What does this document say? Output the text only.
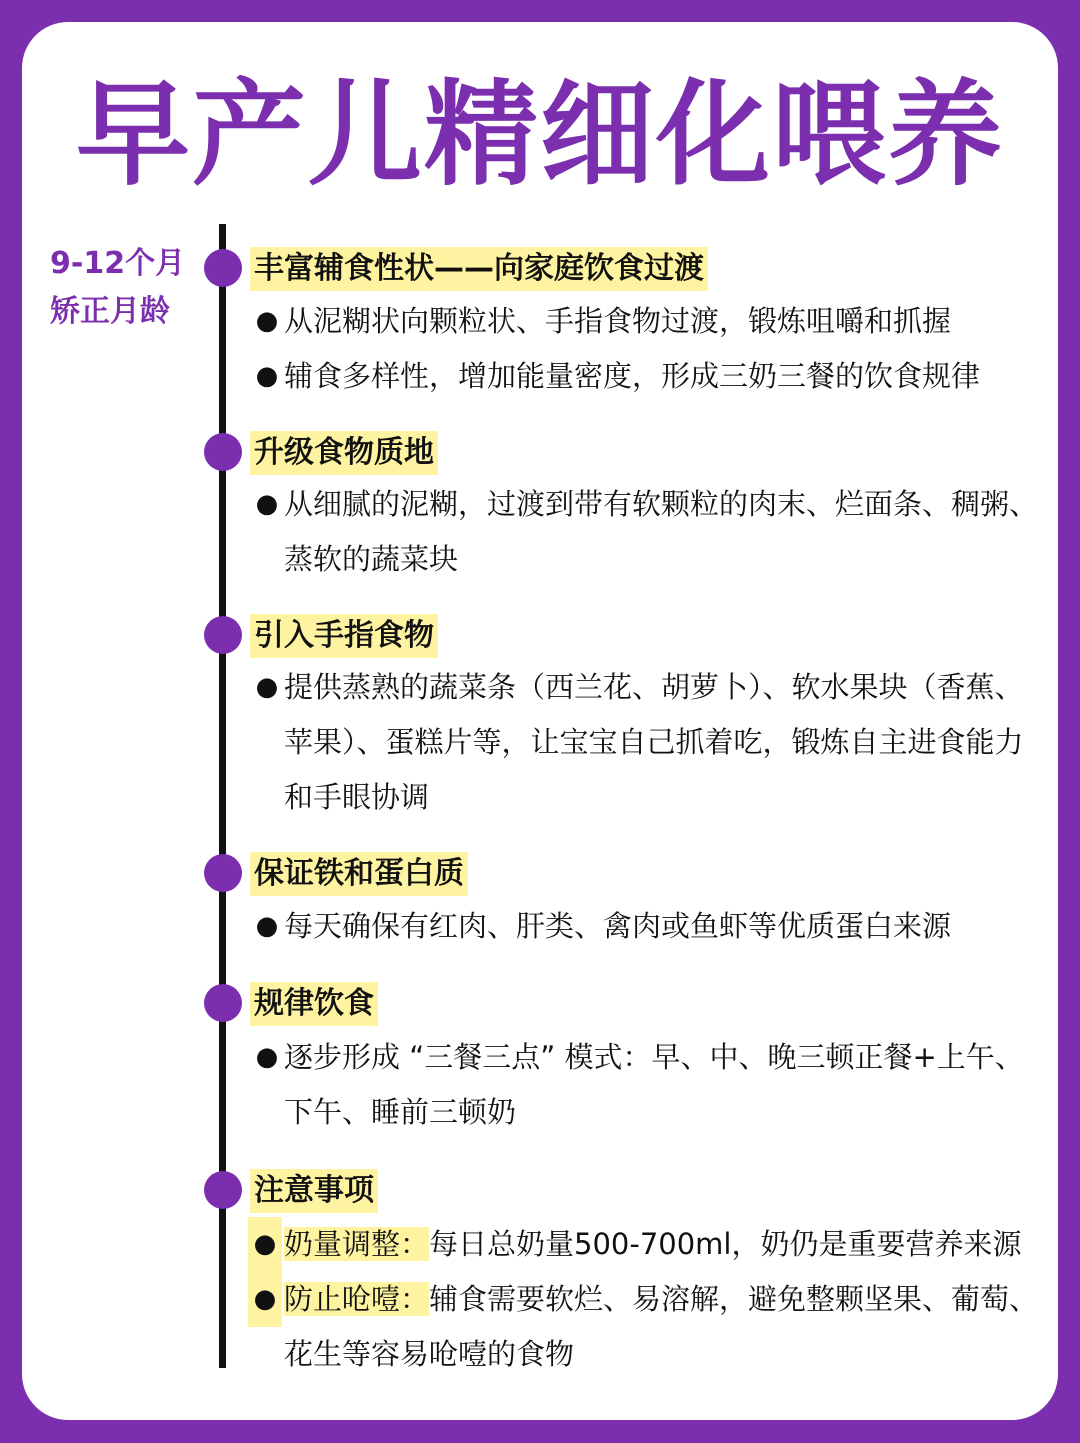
早产儿精细化喂养
9-12个月
矫正月龄
丰富辅食性状——向家庭饮食过渡
● 从泥糊状向颗粒状、手指食物过渡，锻炼咀嚼和抓握
● 辅食多样性，增加能量密度，形成三奶三餐的饮食规律
升级食物质地
● 从细腻的泥糊，过渡到带有软颗粒的肉末、烂面条、稠粥、蒸软的蔬菜块
引入手指食物
● 提供蒸熟的蔬菜条（西兰花、胡萝卜）、软水果块（香蕉、苹果）、蛋糕片等，让宝宝自己抓着吃，锻炼自主进食能力和手眼协调
保证铁和蛋白质
● 每天确保有红肉、肝类、禽肉或鱼虾等优质蛋白来源
规律饮食
● 逐步形成 “三餐三点” 模式：早、中、晚三顿正餐+上午、下午、睡前三顿奶
注意事项
● 奶量调整：每日总奶量500-700ml，奶仍是重要营养来源
● 防止呛噎：辅食需要软烂、易溶解，避免整颗坚果、葡萄、花生等容易呛噎的食物
